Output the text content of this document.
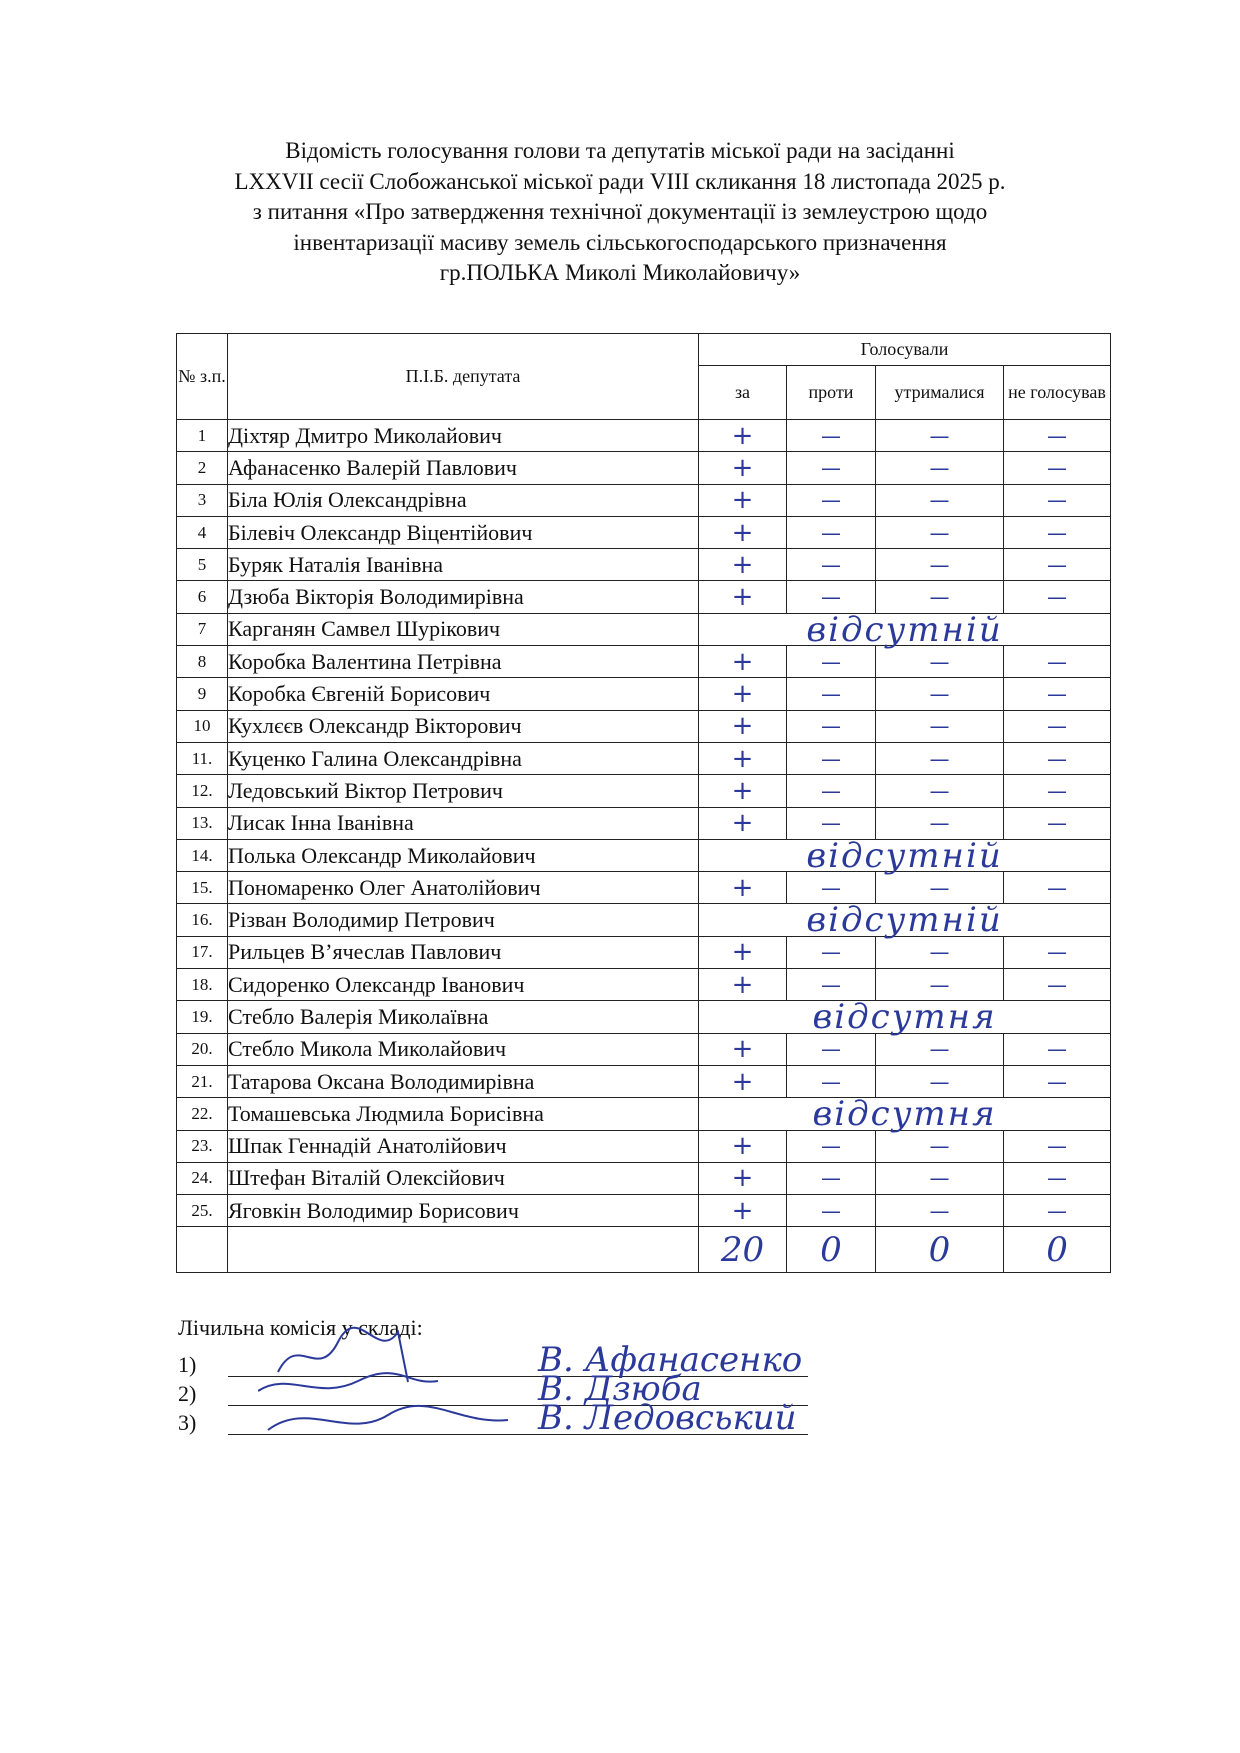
Відомість голосування голови та депутатів міської ради на засіданні
LXXVII сесії Слобожанської міської ради VIII скликання 18 листопада 2025 р.
з питання «Про затвердження технічної документації із землеустрою щодо
інвентаризації масиву земель сільськогосподарського призначення
гр.ПОЛЬКА Миколі Миколайовичу»
№ з.п.	П.І.Б. депутата	Голосували			
		за	проти	утрималися	не голосував
1	Діхтяр Дмитро Миколайович	+	—	—	—
2	Афанасенко Валерій Павлович	+	—	—	—
3	Біла Юлія Олександрівна	+	—	—	—
4	Білевіч Олександр Віцентійович	+	—	—	—
5	Буряк Наталія Іванівна	+	—	—	—
6	Дзюба Вікторія Володимирівна	+	—	—	—
7	Карганян Самвел Шурікович	відсутній			

8	Коробка Валентина Петрівна	+	—	—	—
9	Коробка Євгеній Борисович	+	—	—	—
10	Кухлєєв Олександр Вікторович	+	—	—	—
11.	Куценко Галина Олександрівна	+	—	—	—
12.	Ледовський Віктор Петрович	+	—	—	—
13.	Лисак Інна Іванівна	+	—	—	—
14.	Полька Олександр Миколайович	відсутній			

15.	Пономаренко Олег Анатолійович	+	—	—	—
16.	Різван Володимир Петрович	відсутній			

17.	Рильцев В’ячеслав Павлович	+	—	—	—
18.	Сидоренко Олександр Іванович	+	—	—	—
19.	Стебло Валерія Миколаївна	відсутня			

20.	Стебло Микола Миколайович	+	—	—	—
21.	Татарова Оксана Володимирівна	+	—	—	—
22.	Томашевська Людмила Борисівна	відсутня			

23.	Шпак Геннадій Анатолійович	+	—	—	—
24.	Штефан Віталій Олексійович	+	—	—	—
25.	Яговкін Володимир Борисович	+	—	—	—
		20	0	0	0
Лічильна комісія у складі:
1)	В. Афанасенко
2)	В. Дзюба
3)	В. Ледовський
